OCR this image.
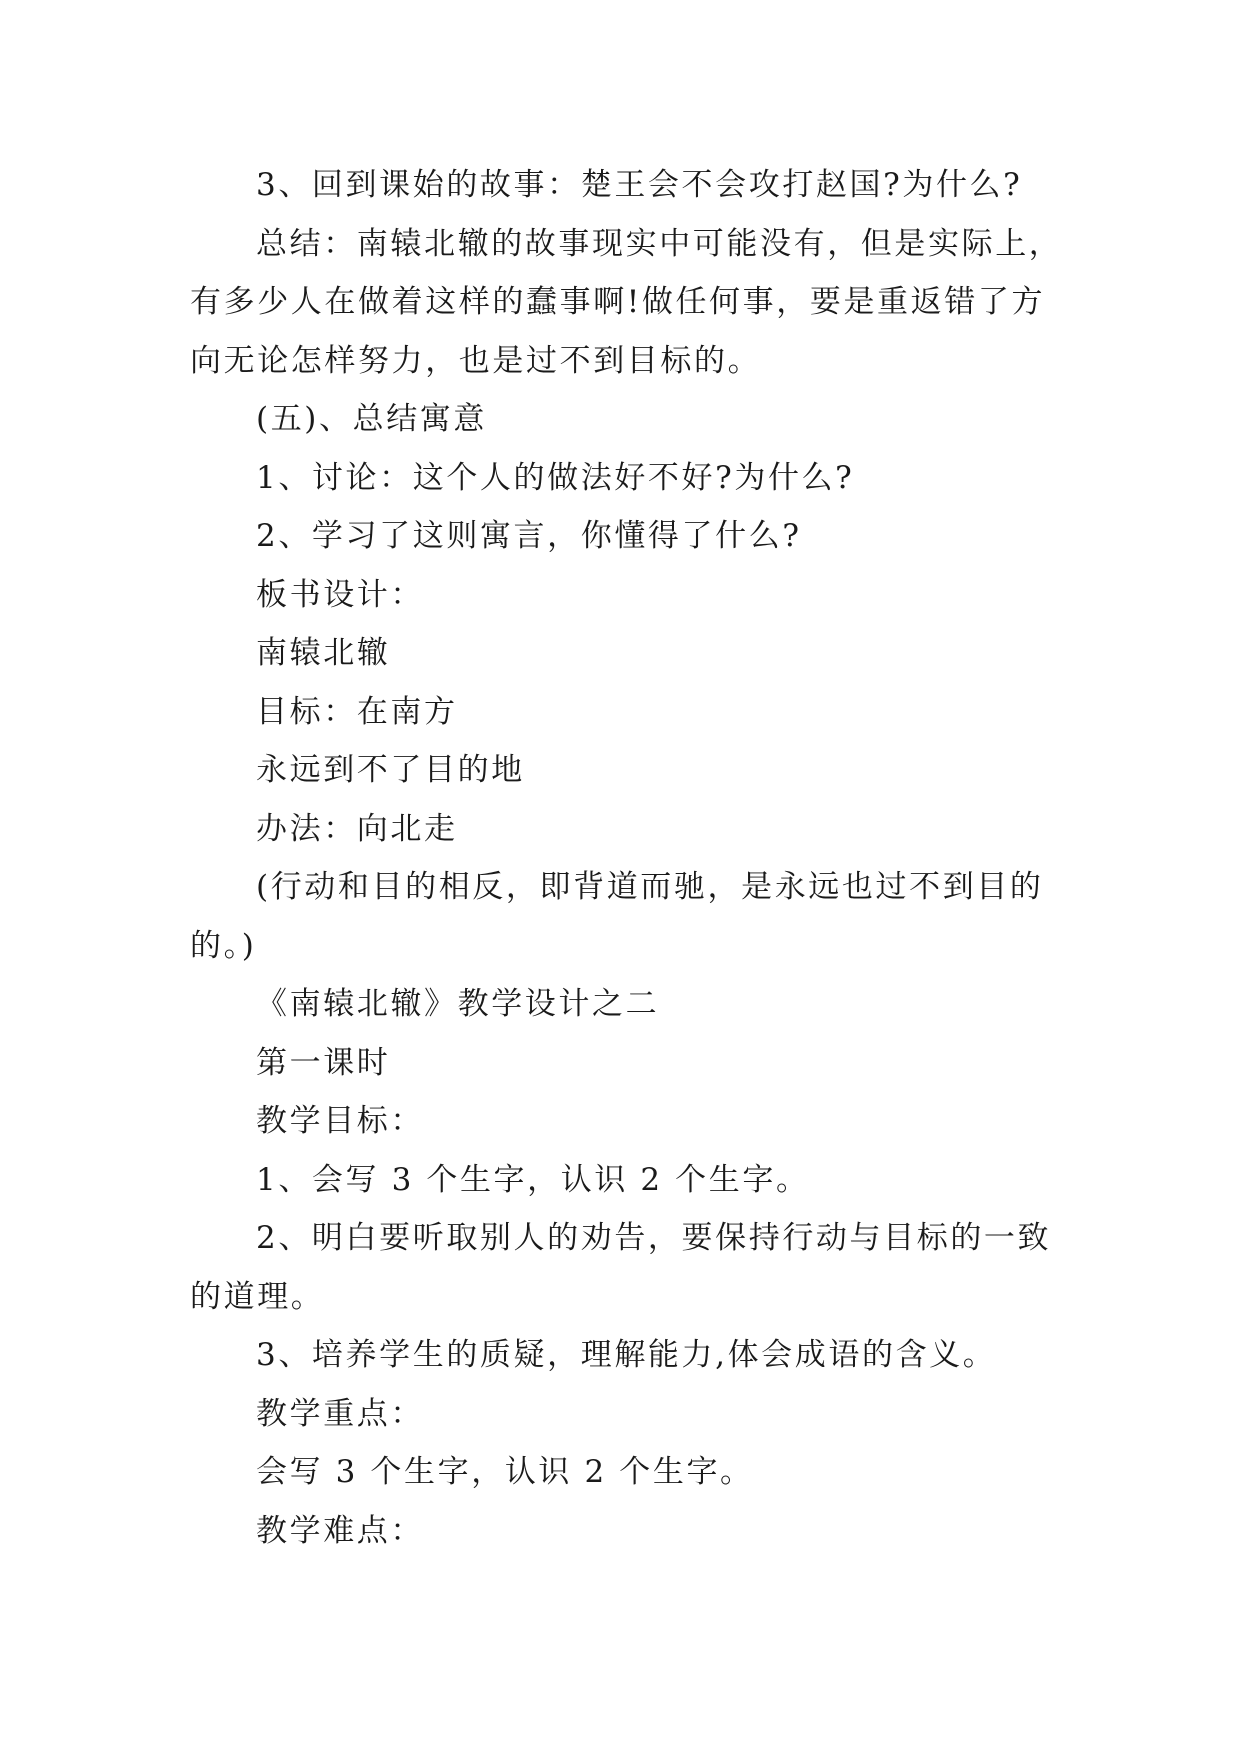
3、回到课始的故事：楚王会不会攻打赵国?为什么?

总结：南辕北辙的故事现实中可能没有，但是实际上，有多少人在做着这样的蠢事啊!做任何事，要是重返错了方向无论怎样努力，也是过不到目标的。

(五)、总结寓意

1、讨论：这个人的做法好不好?为什么?

2、学习了这则寓言，你懂得了什么?

板书设计：

南辕北辙

目标：在南方

永远到不了目的地

办法：向北走

(行动和目的相反，即背道而驰，是永远也过不到目的的。)

《南辕北辙》教学设计之二

第一课时

教学目标：

1、会写 3 个生字，认识 2 个生字。

2、明白要听取别人的劝告，要保持行动与目标的一致的道理。

3、培养学生的质疑，理解能力,体会成语的含义。

教学重点：

会写 3 个生字，认识 2 个生字。

教学难点：
